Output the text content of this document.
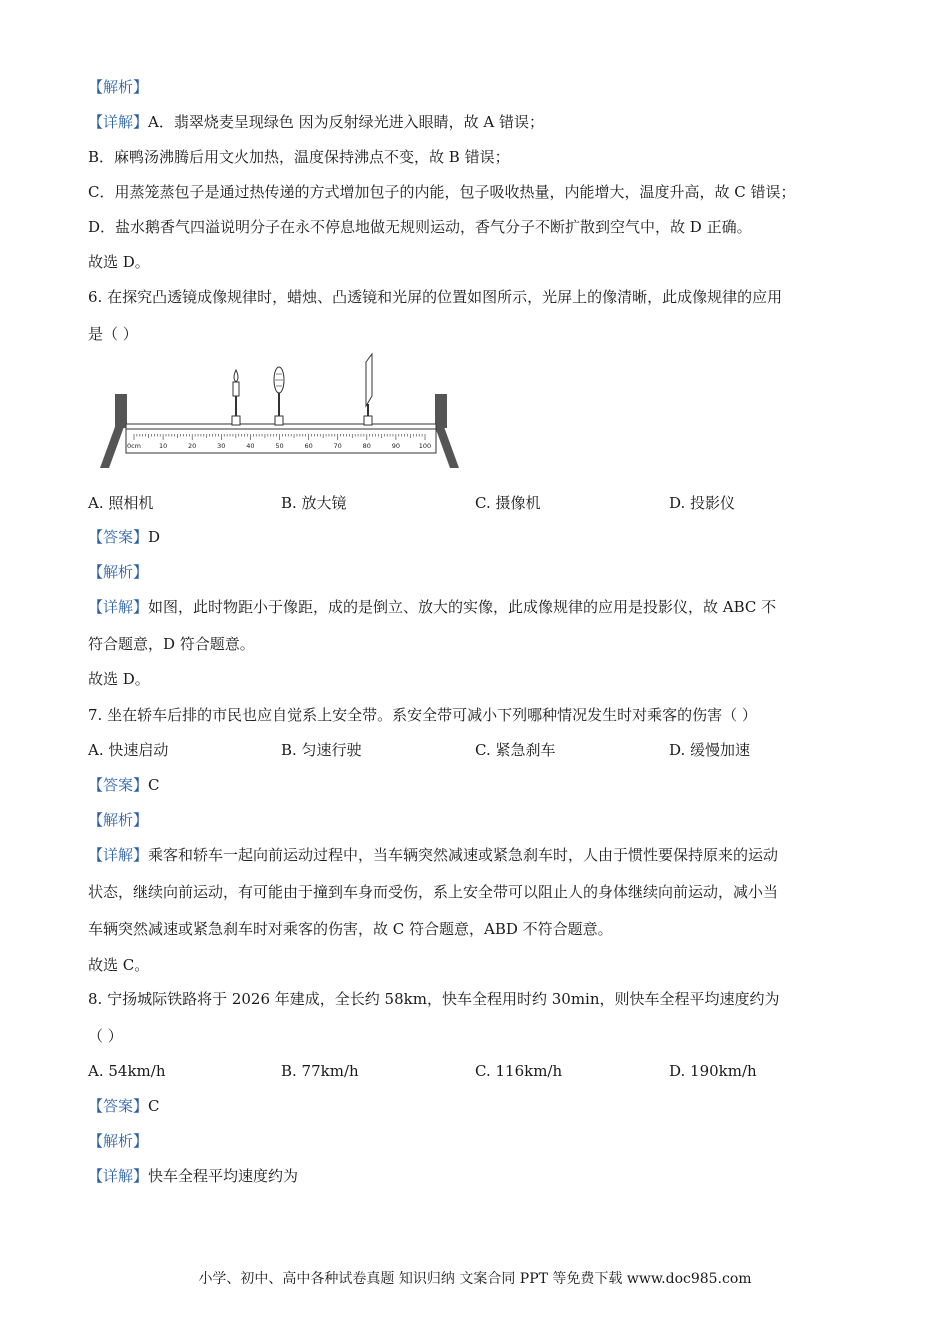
【解析】
【详解】A．翡翠烧麦呈现绿色 因为反射绿光进入眼睛，故 A 错误；
B．麻鸭汤沸腾后用文火加热，温度保持沸点不变，故 B 错误；
C．用蒸笼蒸包子是通过热传递的方式增加包子的内能，包子吸收热量，内能增大，温度升高，故 C 错误；
D．盐水鹅香气四溢说明分子在永不停息地做无规则运动，香气分子不断扩散到空气中，故 D 正确。
故选 D。
6. 在探究凸透镜成像规律时，蜡烛、凸透镜和光屏的位置如图所示，光屏上的像清晰，此成像规律的应用
是（ ）
0cm	10	20	30	40	50	60	70	80	90	100
A. 照相机	B. 放大镜	C. 摄像机	D. 投影仪
【答案】D
【解析】
【详解】如图，此时物距小于像距，成的是倒立、放大的实像，此成像规律的应用是投影仪，故 ABC 不
符合题意，D 符合题意。
故选 D。
7. 坐在轿车后排的市民也应自觉系上安全带。系安全带可减小下列哪种情况发生时对乘客的伤害（ ）
A. 快速启动	B. 匀速行驶	C. 紧急刹车	D. 缓慢加速
【答案】C
【解析】
【详解】乘客和轿车一起向前运动过程中，当车辆突然减速或紧急刹车时，人由于惯性要保持原来的运动
状态，继续向前运动，有可能由于撞到车身而受伤，系上安全带可以阻止人的身体继续向前运动，减小当
车辆突然减速或紧急刹车时对乘客的伤害，故 C 符合题意，ABD 不符合题意。
故选 C。
8. 宁扬城际铁路将于 2026 年建成，全长约 58km，快车全程用时约 30min，则快车全程平均速度约为
（ ）
A. 54km/h	B. 77km/h	C. 116km/h	D. 190km/h
【答案】C
【解析】
【详解】快车全程平均速度约为
小学、初中、高中各种试卷真题 知识归纳 文案合同 PPT 等免费下载 www.doc985.com
